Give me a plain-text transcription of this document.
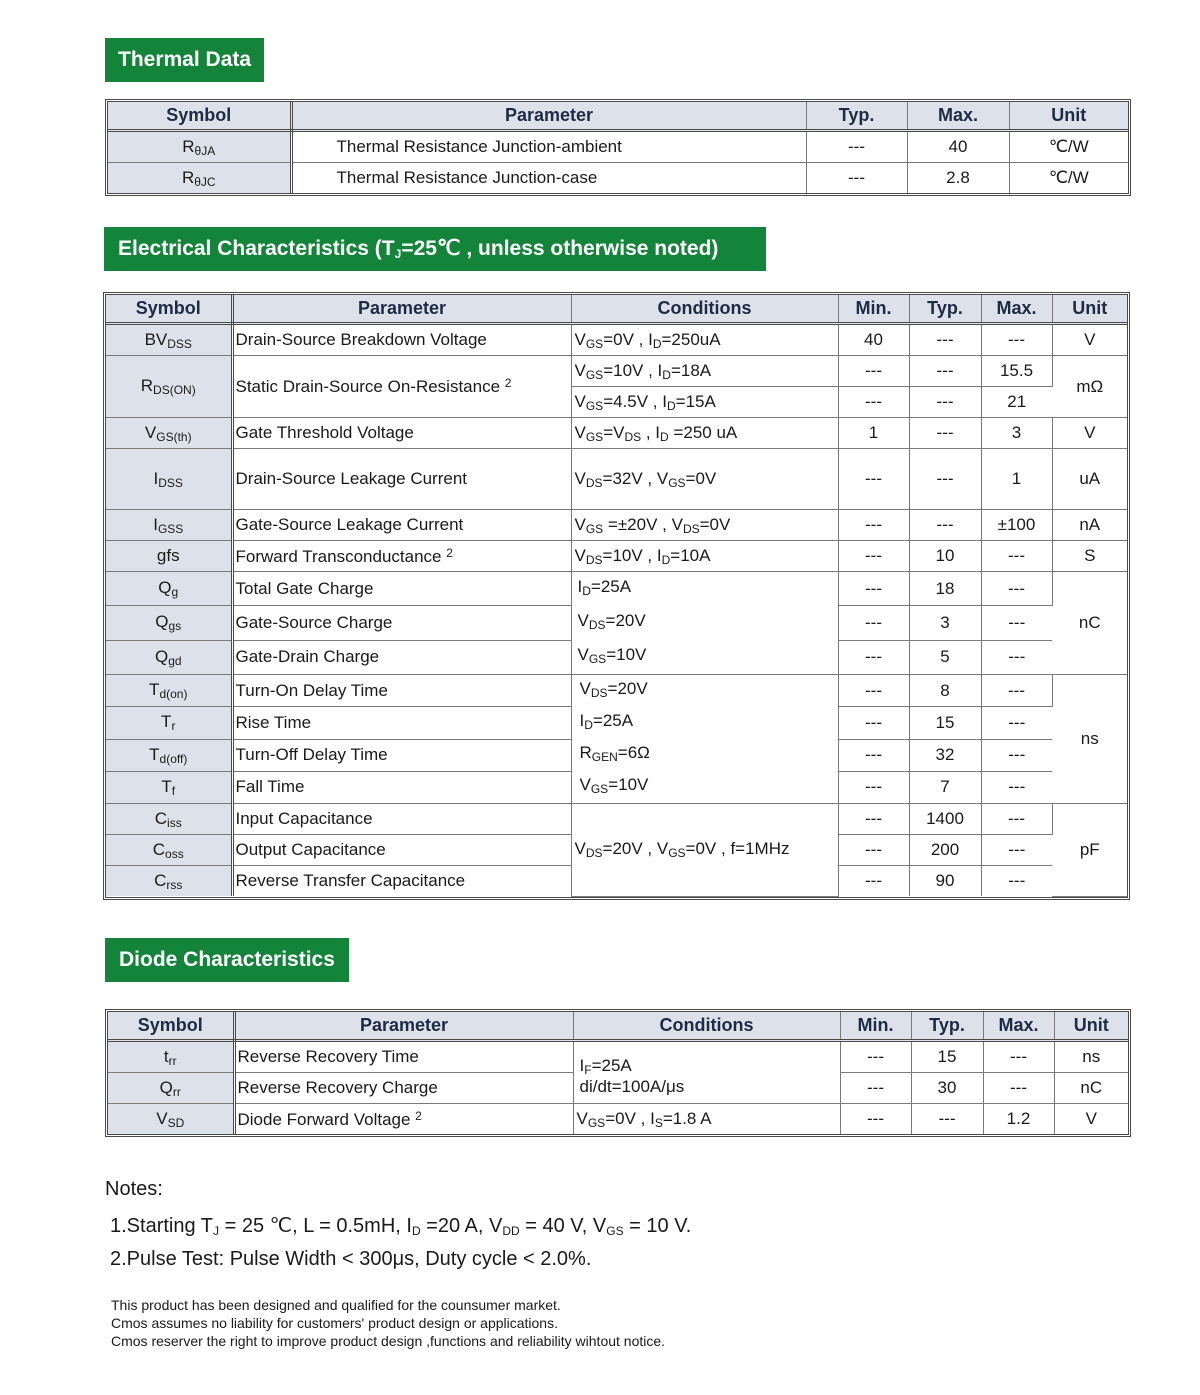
Thermal Data
Symbol	Parameter	Typ.	Max.	Unit
$R_{\theta JA}$	Thermal Resistance Junction-ambient	---	40	℃/W
$R_{\theta JC}$	Thermal Resistance Junction-case	---	2.8	℃/W
Electrical Characteristics ($T_J=25℃$ , unless otherwise noted)
Symbol	Parameter	Conditions	Min.	Typ.	Max.	Unit
$BV_{DSS}$	Drain-Source Breakdown Voltage	$V_{GS}=0V$ , $I_D=250uA$	40	---	---	V
$R_{DS(ON)}$	Static Drain-Source On-Resistance $^2$	$V_{GS}=10V$ , $I_D=18A$	---	---	15.5	mΩ
		$V_{GS}=4.5V$ , $I_D=15A$	---	---	21	
$V_{GS(th)}$	Gate Threshold Voltage	$V_{GS}=V_{DS}$ , $I_D =250$ uA	1	---	3	V
$I_{DSS}$	Drain-Source Leakage Current	$V_{DS}=32V$ , $V_{GS}=0V$	---	---	1	uA
$I_{GSS}$	Gate-Source Leakage Current	$V_{GS} =\pm 20V$ , $V_{DS}=0V$	---	---	±100	nA
gfs	Forward Transconductance $^2$	$V_{DS}=10V$ , $I_D=10A$	---	10	---	S
$Q_g$	Total Gate Charge	$I_D=25A$
$V_{DS}=20V$
$V_{GS}=10V$	---	18	---	nC
$Q_{gs}$	Gate-Source Charge		---	3	---	
$Q_{gd}$	Gate-Drain Charge		---	5	---	
$T_{d(on)}$	Turn-On Delay Time	$V_{DS}=20V$
$I_D=25A$
$R_{GEN}=6\Omega$
$V_{GS}=10V$	---	8	---	ns
$T_r$	Rise Time		---	15	---	
$T_{d(off)}$	Turn-Off Delay Time		---	32	---	
$T_f$	Fall Time		---	7	---	
$C_{iss}$	Input Capacitance	$V_{DS}=20V$ , $V_{GS}=0V$ , f=1MHz	---	1400	---	pF
$C_{oss}$	Output Capacitance		---	200	---	
$C_{rss}$	Reverse Transfer Capacitance		---	90	---	
Diode Characteristics
Symbol	Parameter	Conditions	Min.	Typ.	Max.	Unit
$t_{rr}$	Reverse Recovery Time	$I_F=25A$
di/dt=100A/μs	---	15	---	ns
$Q_{rr}$	Reverse Recovery Charge		---	30	---	nC
$V_{SD}$	Diode Forward Voltage $^2$	$V_{GS}=0V$ , $I_S=1.8$ A	---	---	1.2	V
Notes:
1.Starting $T_J = 25$ ℃, L = 0.5mH, $I_D =20$ A, $V_{DD} = 40$ V, $V_{GS} = 10$ V.
2.Pulse Test: Pulse Width < 300μs, Duty cycle < 2.0%.
This product has been designed and qualified for the counsumer market.
Cmos assumes no liability for customers' product design or applications.
Cmos reserver the right to improve product design ,functions and reliability wihtout notice.
